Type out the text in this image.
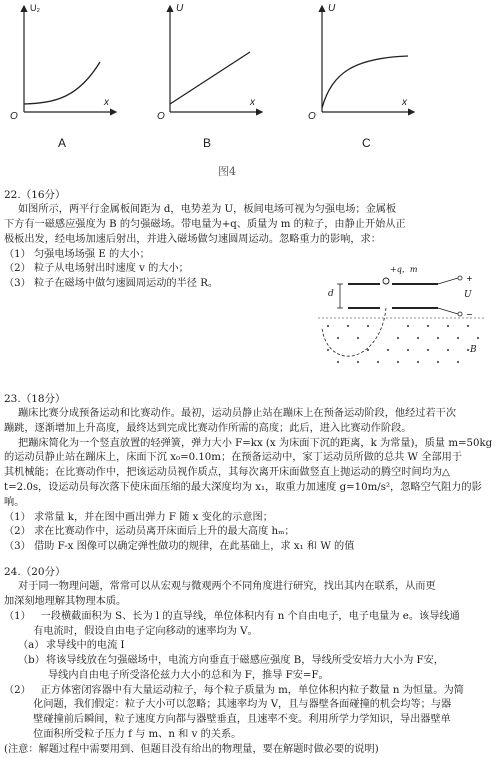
U₂
x
O
A
U
x
O
B
U
x
O
C
图4
22.（16分）
如图所示，两平行金属板间距为 d，电势差为 U，板间电场可视为匀强电场；金属板
下方有一磁感应强度为 B 的匀强磁场。带电量为+q、质量为 m 的粒子，由静止开始从正
极板出发，经电场加速后射出，并进入磁场做匀速圆周运动。忽略重力的影响，求：
（1） 匀强电场场强 E 的大小；
（2） 粒子从电场射出时速度 v 的大小；
（3） 粒子在磁场中做匀速圆周运动的半径 R。
23.（18分）
蹦床比赛分成预备运动和比赛动作。最初，运动员静止站在蹦床上在预备运动阶段，他经过若干次
蹦跳，逐渐增加上升高度，最终达到完成比赛动作所需的高度；此后，进入比赛动作阶段。
把蹦床简化为一个竖直放置的轻弹簧，弹力大小 F=kx (x 为床面下沉的距离，k 为常量)，质量 m=50kg
的运动员静止站在蹦床上，床面下沉 x₀=0.10m；在预备运动中，家丁运动员所做的总共 W 全部用于
其机械能；在比赛动作中，把该运动员视作质点，其每次离开床面做竖直上抛运动的腾空时间均为△
t=2.0s，设运动员每次落下使床面压缩的最大深度均为 x₁，取重力加速度 g=10m/s²，忽略空气阻力的影
响。
（1） 求常量 k，并在图中画出弹力 F 随 x 变化的示意图；
（2） 求在比赛动作中，运动员离开床面后上升的最大高度 hₘ；
（3） 借助 F-x 图像可以确定弹性做功的规律，在此基础上，求 x₁ 和 W 的值
24.（20分）
对于同一物理问题，常常可以从宏观与微观两个不同角度进行研究，找出其内在联系，从而更
加深刻地理解其物理本质。
（1）   一段横截面积为 S、长为 l 的直导线，单位体积内有 n 个自由电子，电子电量为 e。该导线通
有电流时，假设自由电子定向移动的速率均为 V。
（a） 求导线中的电流 I
（b）将该导线放在匀强磁场中，电流方向垂直于磁感应强度 B，导线所受安培力大小为 F安，
导线内自由电子所受洛伦兹力大小的总和为 F，推导 F安=F。
（2）   正方体密闭容器中有大量运动粒子，每个粒子质量为 m，单位体积内粒子数量 n 为恒量。为简
化问题，我们假定：粒子大小可以忽略；其速率均为 V，且与器壁各面碰撞的机会均等；与器
壁碰撞前后瞬间，粒子速度方向都与器壁垂直，且速率不变。利用所学力学知识，导出器壁单
位面积所受粒子压力 f 与 m、n 和 v 的关系。
(注意：解题过程中需要用到、但题目没有给出的物理量，要在解题时做必要的说明)
+
−
+q，m
d	U
B
